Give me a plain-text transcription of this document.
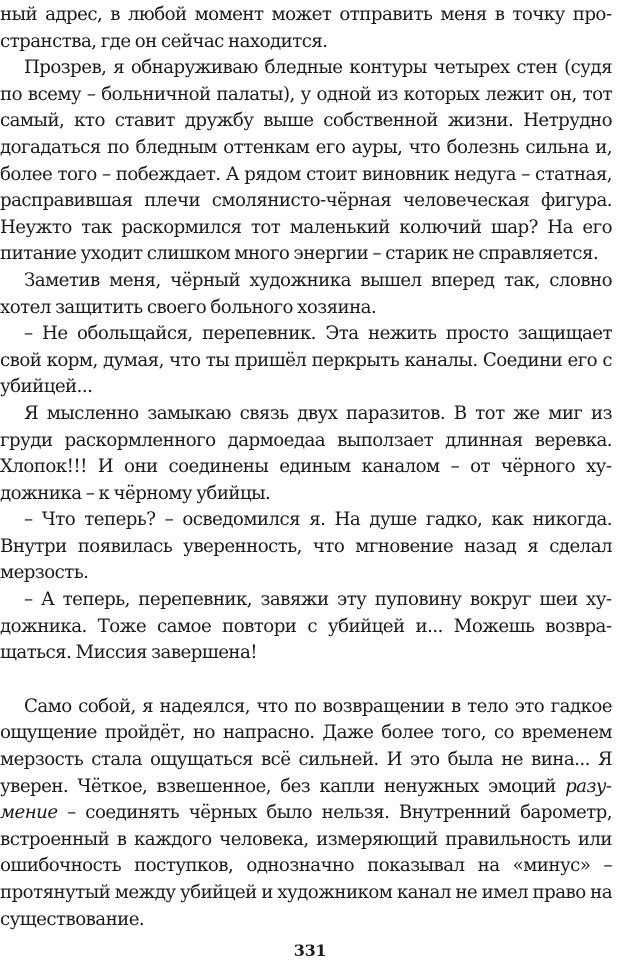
ный адрес, в любой момент может отправить меня в точку пространства, где он сейчас находится.

Прозрев, я обнаруживаю бледные контуры четырех стен (судя по всему – больничной палаты), у одной из которых лежит он, тот самый, кто ставит дружбу выше собственной жизни. Нетрудно догадаться по бледным оттенкам его ауры, что болезнь сильна и, более того – побеждает. А рядом стоит виновник недуга – статная, расправившая плечи смолянисто-чёрная человеческая фигура. Неужто так раскормился тот маленький колючий шар? На его питание уходит слишком много энергии – старик не справляется.

Заметив меня, чёрный художника вышел вперед так, словно хотел защитить своего больного хозяина.

– Не обольщайся, перепевник. Эта нежить просто защищает свой корм, думая, что ты пришёл перкрыть каналы. Соедини его с убийцей...

Я мысленно замыкаю связь двух паразитов. В тот же миг из груди раскормленного дармоедаа выползает длинная веревка. Хлопок!!! И они соединены единым каналом – от чёрного художника – к чёрному убийцы.

– Что теперь? – осведомился я. На душе гадко, как никогда. Внутри появилась уверенность, что мгновение назад я сделал мерзость.

– А теперь, перепевник, завяжи эту пуповину вокруг шеи художника. Тоже самое повтори с убийцей и... Можешь возвращаться. Миссия завершена!

Само собой, я надеялся, что по возвращении в тело это гадкое ощущение пройдёт, но напрасно. Даже более того, со временем мерзость стала ощущаться всё сильней. И это была не вина... Я уверен. Чёткое, взвешенное, без капли ненужных эмоций разумение – соединять чёрных было нельзя. Внутренний барометр, встроенный в каждого человека, измеряющий правильность или ошибочность поступков, однозначно показывал на «минус» – протянутый между убийцей и художником канал не имел право на существование.

331
